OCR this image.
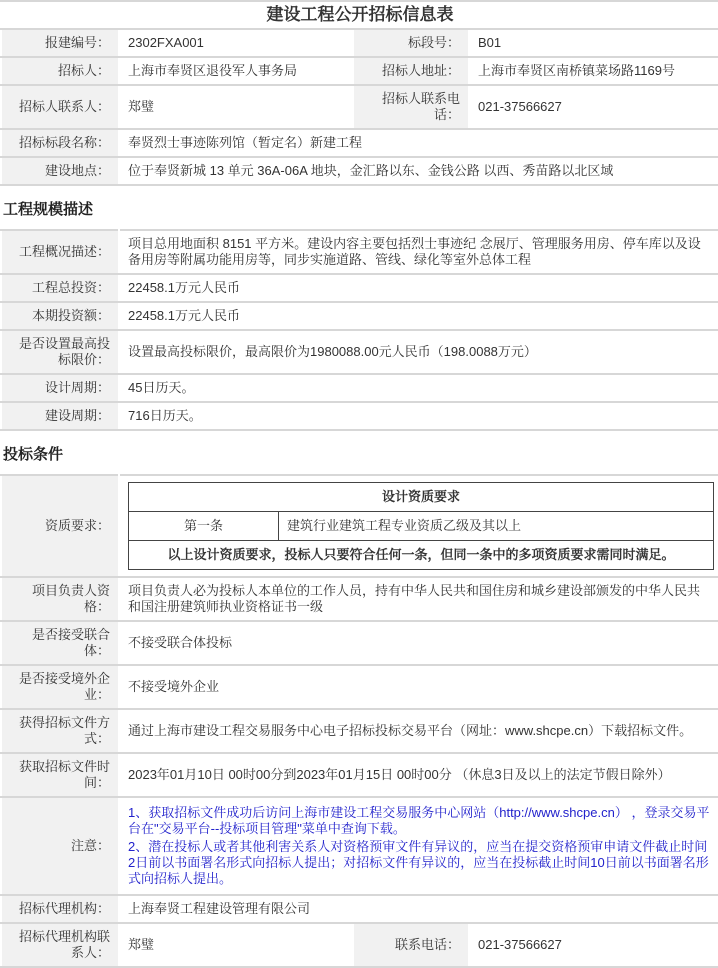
建设工程公开招标信息表			
报建编号：	2302FXA001	标段号：	B01
招标人：	上海市奉贤区退役军人事务局	招标人地址：	上海市奉贤区南桥镇菜场路1169号
招标人联系人：	郑璧	招标人联系电话：	021-37566627
招标标段名称：	奉贤烈士事迹陈列馆（暂定名）新建工程		
建设地点：	位于奉贤新城 13 单元 36A-06A 地块，金汇路以东、金钱公路 以西、秀苗路以北区域		
工程规模描述
工程概况描述：	项目总用地面积 8151 平方米。建设内容主要包括烈士事迹纪 念展厅、管理服务用房、停车库以及设备用房等附属功能用房等，同步实施道路、管线、绿化等室外总体工程
工程总投资：	22458.1万元人民币
本期投资额：	22458.1万元人民币
是否设置最高投标限价：	设置最高投标限价，最高限价为1980088.00元人民币（198.0088万元）
设计周期：	45日历天。
建设周期：	716日历天。
投标条件
资质要求：	
设计资质要求
第一条	建筑行业建筑工程专业资质乙级及其以上
以上设计资质要求，投标人只要符合任何一条，但同一条中的多项资质要求需同时满足。

项目负责人资格：	项目负责人必为投标人本单位的工作人员，持有中华人民共和国住房和城乡建设部颁发的中华人民共和国注册建筑师执业资格证书一级
是否接受联合体：	不接受联合体投标
是否接受境外企业：	不接受境外企业
获得招标文件方式：	通过上海市建设工程交易服务中心电子招标投标交易平台（网址：www.shcpe.cn）下载招标文件。
获取招标文件时间：	2023年01月10日 00时00分到2023年01月15日 00时00分 （休息3日及以上的法定节假日除外）
注意：	
1、获取招标文件成功后访问上海市建设工程交易服务中心网站（http://www.shcpe.cn） ，登录交易平台在"交易平台--投标项目管理"菜单中查询下载。
2、潜在投标人或者其他利害关系人对资格预审文件有异议的，应当在提交资格预审申请文件截止时间2日前以书面署名形式向招标人提出；对招标文件有异议的，应当在投标截止时间10日前以书面署名形式向招标人提出。

招标代理机构：	上海奉贤工程建设管理有限公司
招标代理机构联系人：	郑璧	联系电话：	021-37566627
